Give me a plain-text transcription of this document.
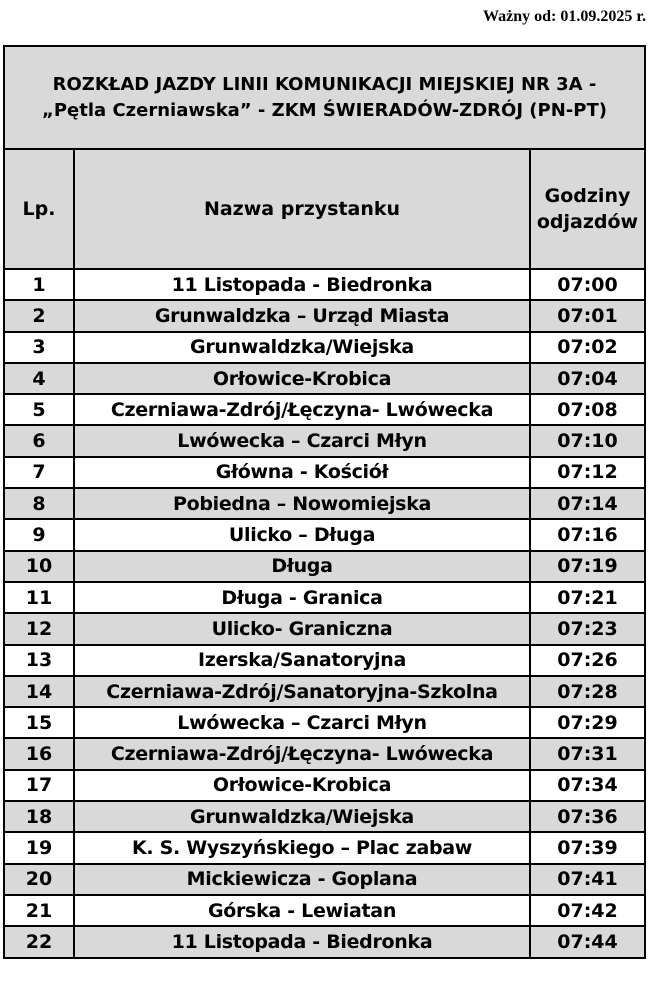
Ważny od: 01.09.2025 r.
ROZKŁAD JAZDY LINII KOMUNIKACJI MIEJSKIEJ NR 3A -
„Pętla Czerniawska” - ZKM ŚWIERADÓW-ZDRÓJ (PN-PT)		

Lp.	Nazwa przystanku	Godziny
odjazdów

1	11 Listopada - Biedronka	07:00
2	Grunwaldzka – Urząd Miasta	07:01
3	Grunwaldzka/Wiejska	07:02
4	Orłowice-Krobica	07:04
5	Czerniawa-Zdrój/Łęczyna- Lwówecka	07:08
6	Lwówecka – Czarci Młyn	07:10
7	Główna - Kościół	07:12
8	Pobiedna – Nowomiejska	07:14
9	Ulicko – Długa	07:16
10	Długa	07:19
11	Długa - Granica	07:21
12	Ulicko- Graniczna	07:23
13	Izerska/Sanatoryjna	07:26
14	Czerniawa-Zdrój/Sanatoryjna-Szkolna	07:28
15	Lwówecka – Czarci Młyn	07:29
16	Czerniawa-Zdrój/Łęczyna- Lwówecka	07:31
17	Orłowice-Krobica	07:34
18	Grunwaldzka/Wiejska	07:36
19	K. S. Wyszyńskiego – Plac zabaw	07:39
20	Mickiewicza - Goplana	07:41
21	Górska - Lewiatan	07:42
22	11 Listopada - Biedronka	07:44
